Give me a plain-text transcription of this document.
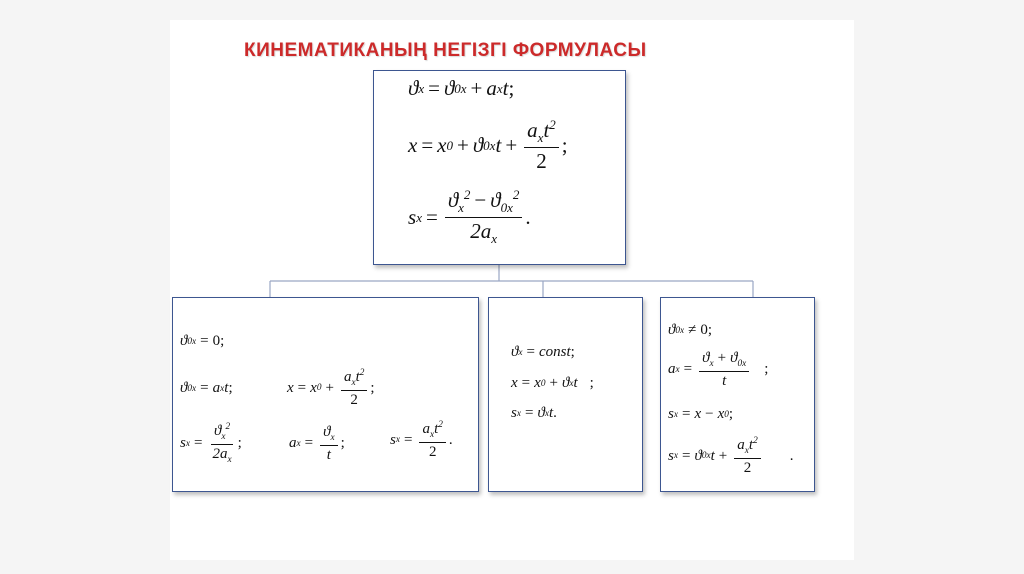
КИНЕМАТИКАНЫҢ НЕГІЗГІ ФОРМУЛАСЫ
ϑ x = ϑ 0x + a x t ;
x = x 0 + ϑ 0x $t + \frac{a_xt^2}{2}$ ;
s $x = \frac{ϑ_x^2 - ϑ_{0x}^2}{2a_x}$ .
ϑ 0x = 0 ;
ϑ 0x = a x t ;	x = x $0 + \frac{a_xt^2}{2}$ ;
s $x = \frac{ϑ_x^2}{2a_x}$ ;	a $x = \frac{ϑ_x}{t}$ ;	s $x = \frac{a_xt^2}{2}$ .
ϑ x = const ;
x = x 0 + ϑ x t ;
s x = ϑ x t .
ϑ 0x ≠ 0 ;
a $x = \frac{ϑ_x + ϑ_{0x}}{t}$ ;
s x = x − x 0 ;
s x = ϑ 0x $t + \frac{a_xt^2}{2}$ .
